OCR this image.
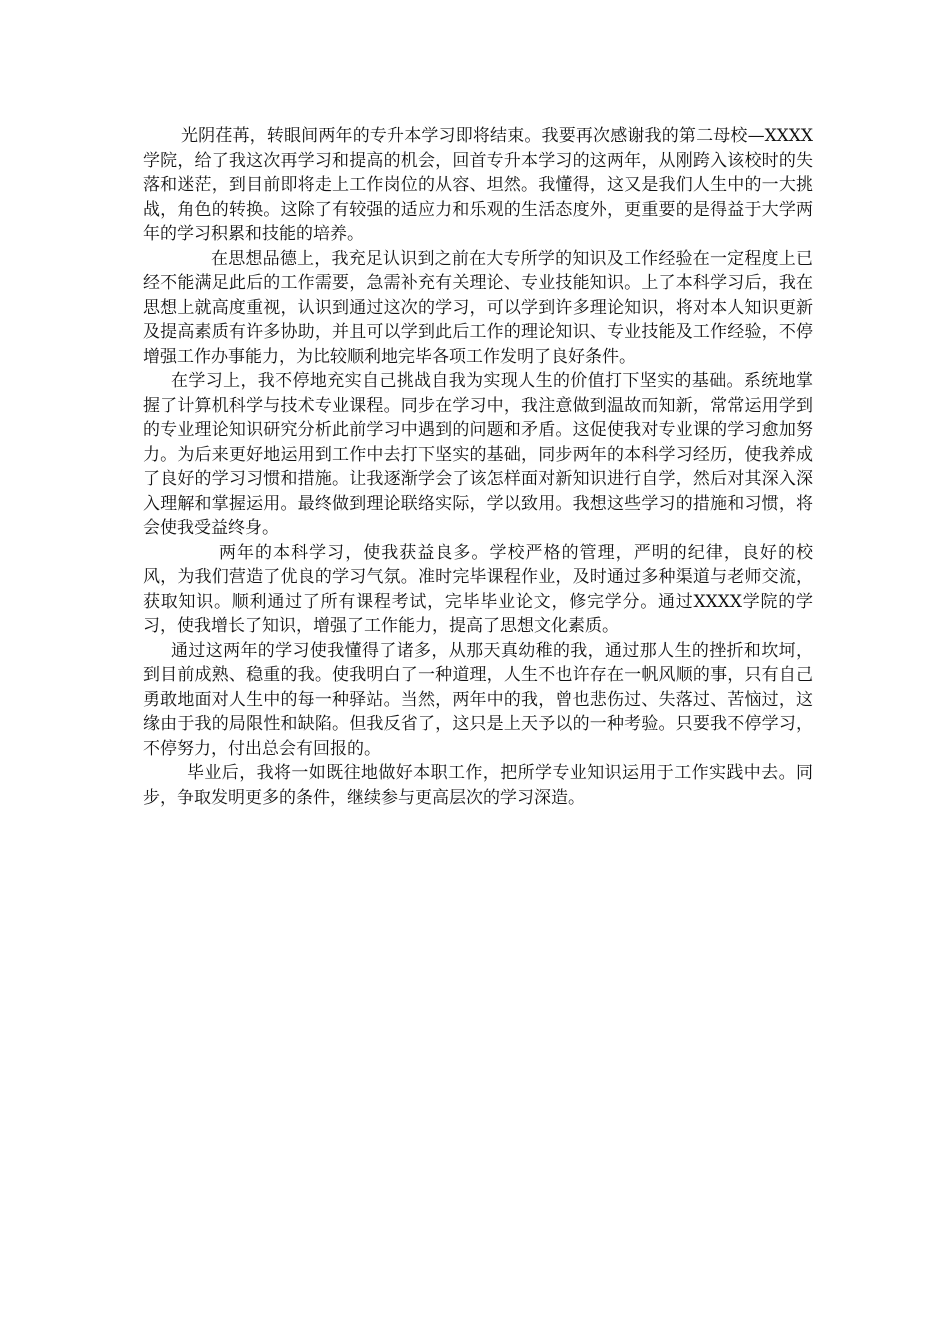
光阴荏苒，转眼间两年的专升本学习即将结束。我要再次感谢我的第二母校—XXXX学院，给了我这次再学习和提高的机会，回首专升本学习的这两年，从刚跨入该校时的失落和迷茫，到目前即将走上工作岗位的从容、坦然。我懂得，这又是我们人生中的一大挑战，角色的转换。这除了有较强的适应力和乐观的生活态度外，更重要的是得益于大学两年的学习积累和技能的培养。

在思想品德上，我充足认识到之前在大专所学的知识及工作经验在一定程度上已经不能满足此后的工作需要，急需补充有关理论、专业技能知识。上了本科学习后，我在思想上就高度重视，认识到通过这次的学习，可以学到许多理论知识，将对本人知识更新及提高素质有许多协助，并且可以学到此后工作的理论知识、专业技能及工作经验，不停增强工作办事能力，为比较顺利地完毕各项工作发明了良好条件。

在学习上，我不停地充实自己挑战自我为实现人生的价值打下坚实的基础。系统地掌握了计算机科学与技术专业课程。同步在学习中，我注意做到温故而知新，常常运用学到的专业理论知识研究分析此前学习中遇到的问题和矛盾。这促使我对专业课的学习愈加努力。为后来更好地运用到工作中去打下坚实的基础，同步两年的本科学习经历，使我养成了良好的学习习惯和措施。让我逐渐学会了该怎样面对新知识进行自学，然后对其深入深入理解和掌握运用。最终做到理论联络实际，学以致用。我想这些学习的措施和习惯，将会使我受益终身。

两年的本科学习，使我获益良多。学校严格的管理，严明的纪律，良好的校风，为我们营造了优良的学习气氛。准时完毕课程作业，及时通过多种渠道与老师交流，获取知识。顺利通过了所有课程考试，完毕毕业论文，修完学分。通过XXXX学院的学习，使我增长了知识，增强了工作能力，提高了思想文化素质。

通过这两年的学习使我懂得了诸多，从那天真幼稚的我，通过那人生的挫折和坎坷，到目前成熟、稳重的我。使我明白了一种道理，人生不也许存在一帆风顺的事，只有自己勇敢地面对人生中的每一种驿站。当然，两年中的我，曾也悲伤过、失落过、苦恼过，这缘由于我的局限性和缺陷。但我反省了，这只是上天予以的一种考验。只要我不停学习，不停努力，付出总会有回报的。

毕业后，我将一如既往地做好本职工作，把所学专业知识运用于工作实践中去。同步，争取发明更多的条件，继续参与更高层次的学习深造。
